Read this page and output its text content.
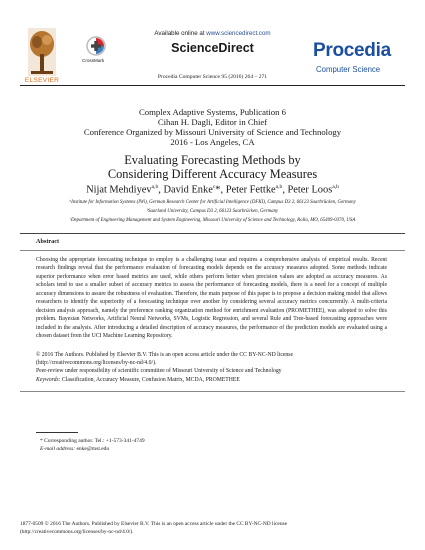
ELSEVIER
Available online at www.sciencedirect.com
CrossMark
ScienceDirect	Procedia
Computer Science
Procedia Computer Science 95 (2016) 264 – 271
Complex Adaptive Systems, Publication 6
Cihan H. Dagli, Editor in Chief
Conference Organized by Missouri University of Science and Technology
2016 - Los Angeles, CA
Evaluating Forecasting Methods by
Considering Different Accuracy Measures
Nijat Mehdiyev$^{a,b}$, David Enke$^c$*, Peter Fettke$^{a,b}$, Peter Loos$^{a,b}$
ᵃInstitute for Information Systems (IWi), German Research Center for Artificial Intelligence (DFKI), Campus D3 2, 66123 Saarbrücken, Germany
ᵇSaarland University, Campus D3 2, 66123 Saarbrücken, Germany
ᶜDepartment of Engineering Management and System Engineering, Missouri University of Science and Technology, Rolla, MO, 65409-0370, USA
Abstract
Choosing the appropriate forecasting technique to employ is a challenging issue and requires a comprehensive analysis of empirical results. Recent research findings reveal that the performance evaluation of forecasting models depends on the accuracy measures adopted. Some methods indicate superior performance when error based metrics are used, while others perform better when precision values are adopted as accuracy measures. As scholars tend to use a smaller subset of accuracy metrics to assess the performance of forecasting models, there is a need for a concept of multiple accuracy dimensions to assure the robustness of evaluation. Therefore, the main purpose of this paper is to propose a decision making model that allows researchers to identify the superiority of a forecasting technique over another by considering several accuracy metrics concurrently. A multi-criteria decision analysis approach, namely the preference ranking organization method for enrichment evaluation (PROMETHEE), was adopted to solve this problem. Bayesian Networks, Artificial Neural Networks, SVMs, Logistic Regression, and several Rule and Tree-based forecasting approaches were included in the analysis. After introducing a detailed description of accuracy measures, the performance of the prediction models are evaluated using a chosen dataset from the UCI Machine Learning Repository.
© 2016 The Authors. Published by Elsevier B.V. This is an open access article under the CC BY-NC-ND license
(http://creativecommons.org/licenses/by-nc-nd/4.0/).
Peer-review under responsibility of scientific committee of Missouri University of Science and Technology
Keywords: Classification, Accuracy Measure, Confusion Matrix, MCDA, PROMETHEE
* Corresponding author. Tel.: +1-573-341-4749
E-mail address: enke@mst.edu
1877-0509 © 2016 The Authors. Published by Elsevier B.V. This is an open access article under the CC BY-NC-ND license
(http://creativecommons.org/licenses/by-nc-nd/4.0/).
